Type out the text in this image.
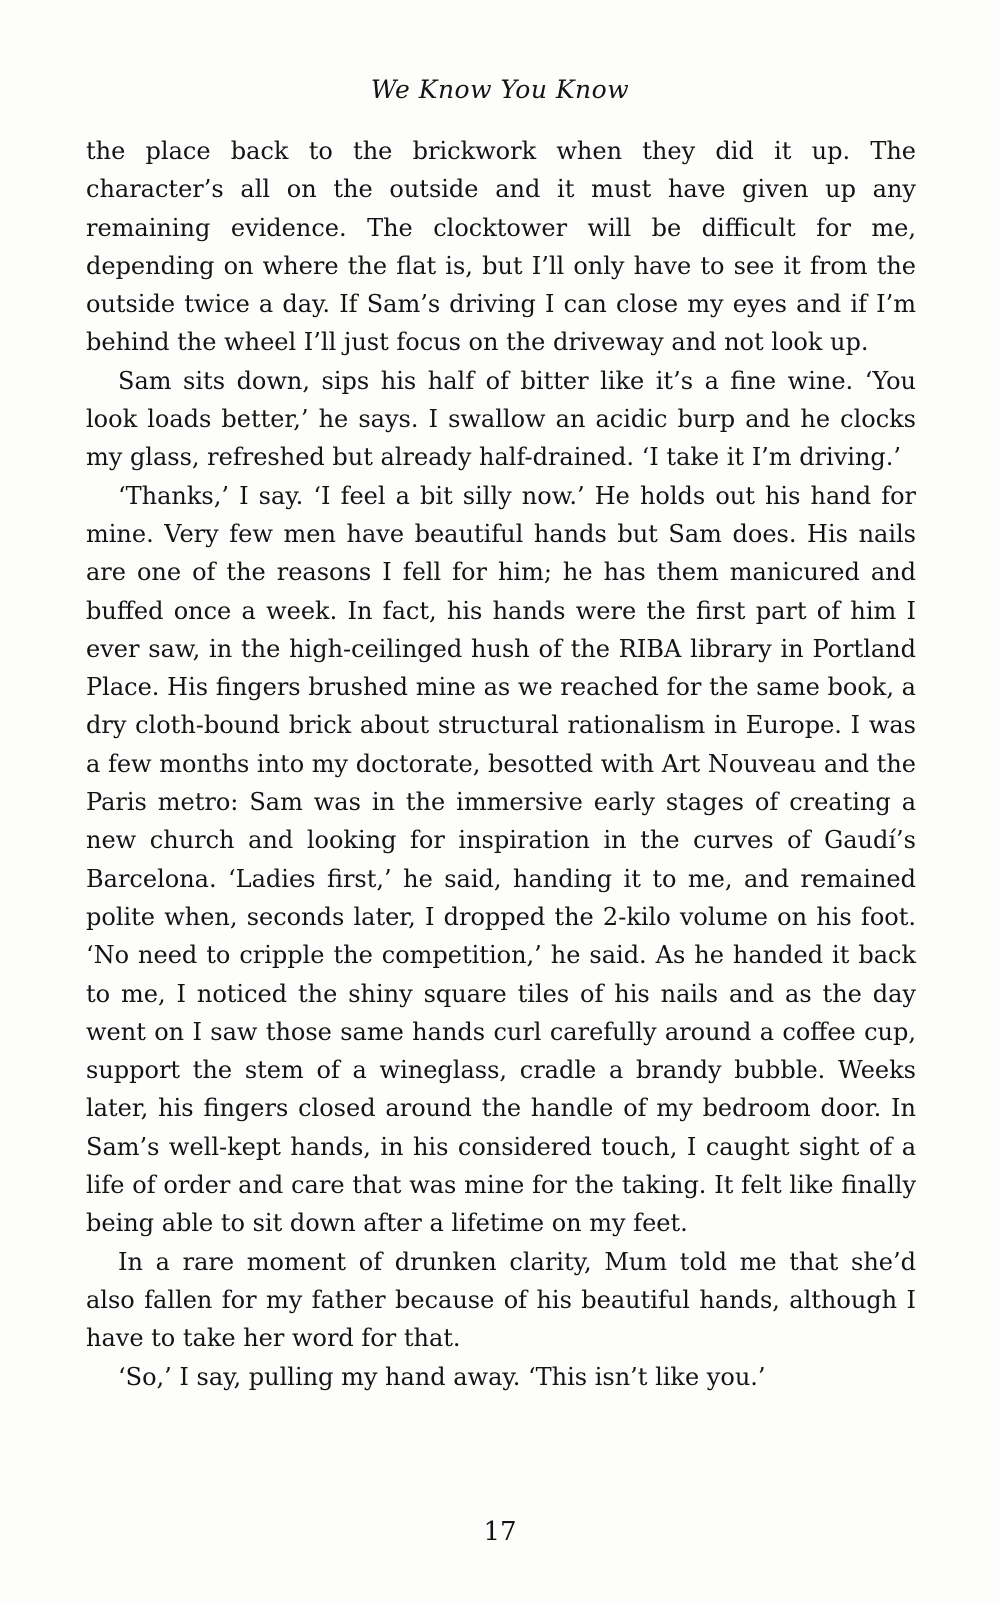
We Know You Know

the place back to the brickwork when they did it up. The character’s all on the outside and it must have given up any remaining evidence. The clocktower will be difficult for me, depending on where the flat is, but I’ll only have to see it from the outside twice a day. If Sam’s driving I can close my eyes and if I’m behind the wheel I’ll just focus on the driveway and not look up.

Sam sits down, sips his half of bitter like it’s a fine wine. ‘You look loads better,’ he says. I swallow an acidic burp and he clocks my glass, refreshed but already half-drained. ‘I take it I’m driving.’

‘Thanks,’ I say. ‘I feel a bit silly now.’ He holds out his hand for mine. Very few men have beautiful hands but Sam does. His nails are one of the reasons I fell for him; he has them manicured and buffed once a week. In fact, his hands were the first part of him I ever saw, in the high-ceilinged hush of the RIBA library in Portland Place. His fingers brushed mine as we reached for the same book, a dry cloth-bound brick about structural rationalism in Europe. I was a few months into my doctorate, besotted with Art Nouveau and the Paris metro: Sam was in the immersive early stages of creating a new church and looking for inspiration in the curves of Gaudí’s Barcelona. ‘Ladies first,’ he said, handing it to me, and remained polite when, seconds later, I dropped the 2-kilo volume on his foot. ‘No need to cripple the competition,’ he said. As he handed it back to me, I noticed the shiny square tiles of his nails and as the day went on I saw those same hands curl carefully around a coffee cup, support the stem of a wineglass, cradle a brandy bubble. Weeks later, his fingers closed around the handle of my bedroom door. In Sam’s well-kept hands, in his considered touch, I caught sight of a life of order and care that was mine for the taking. It felt like finally being able to sit down after a lifetime on my feet.

In a rare moment of drunken clarity, Mum told me that she’d also fallen for my father because of his beautiful hands, although I have to take her word for that.

‘So,’ I say, pulling my hand away. ‘This isn’t like you.’

17
